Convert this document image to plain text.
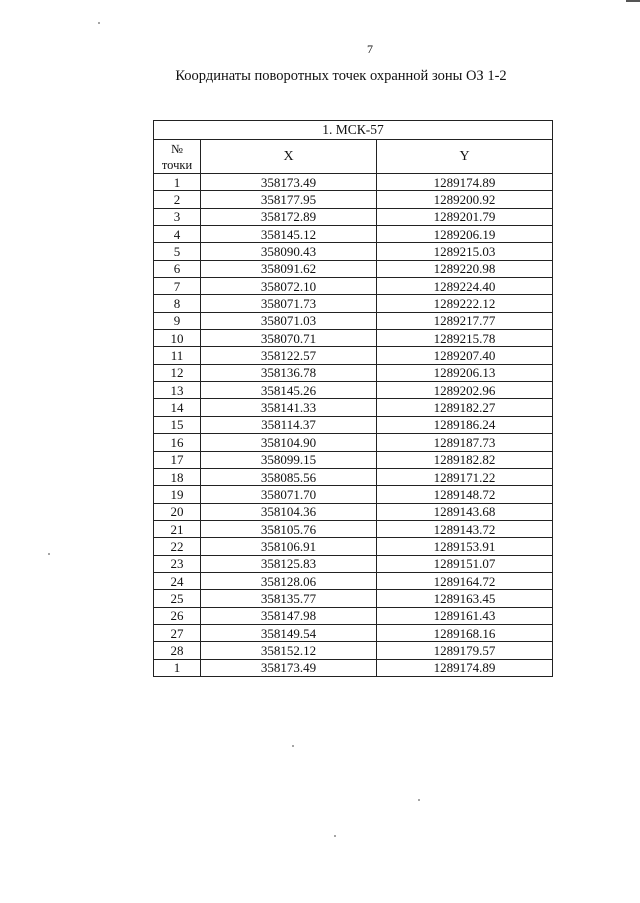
7
Координаты поворотных точек охранной зоны ОЗ 1-2
1. МСК-57		
№
точки	X	Y
1	358173.49	1289174.89
2	358177.95	1289200.92
3	358172.89	1289201.79
4	358145.12	1289206.19
5	358090.43	1289215.03
6	358091.62	1289220.98
7	358072.10	1289224.40
8	358071.73	1289222.12
9	358071.03	1289217.77
10	358070.71	1289215.78
11	358122.57	1289207.40
12	358136.78	1289206.13
13	358145.26	1289202.96
14	358141.33	1289182.27
15	358114.37	1289186.24
16	358104.90	1289187.73
17	358099.15	1289182.82
18	358085.56	1289171.22
19	358071.70	1289148.72
20	358104.36	1289143.68
21	358105.76	1289143.72
22	358106.91	1289153.91
23	358125.83	1289151.07
24	358128.06	1289164.72
25	358135.77	1289163.45
26	358147.98	1289161.43
27	358149.54	1289168.16
28	358152.12	1289179.57
1	358173.49	1289174.89
